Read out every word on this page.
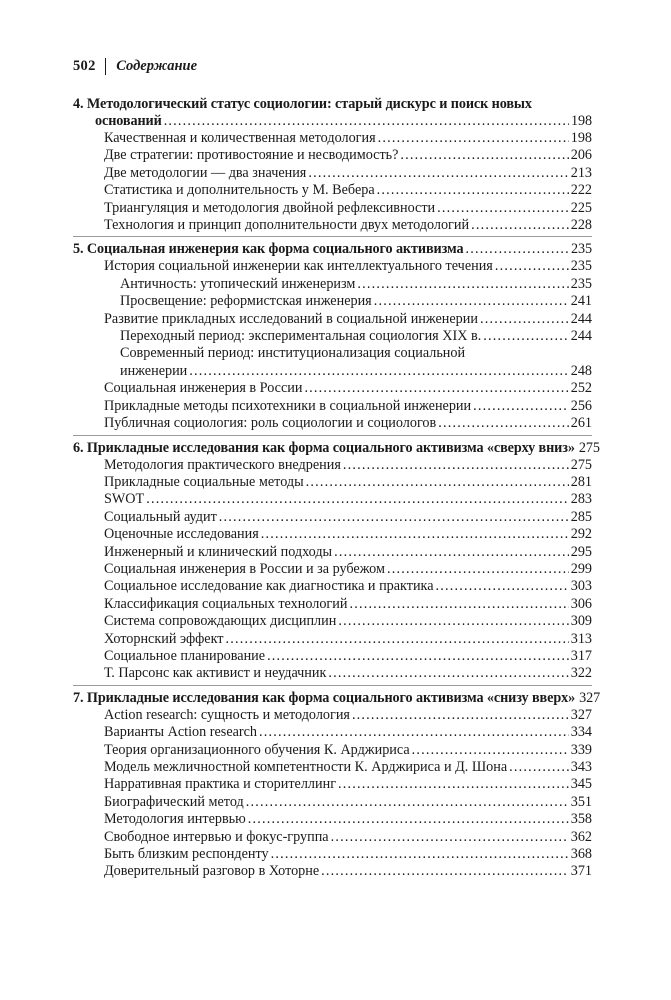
502 Содержание
4. Методологический статус социологии: старый дискурс и поиск новых
оснований .....	198
Качественная и количественная методология .....	198
Две стратегии: противостояние и несводимость? .....	206
Две методологии — два значения .....	213
Статистика и дополнительность у М. Вебера .....	222
Триангуляция и методология двойной рефлексивности .....	225
Технология и принцип дополнительности двух методологий .....	228
5. Социальная инженерия как форма социального активизма .....	235
История социальной инженерии как интеллектуального течения .....	235
Античность: утопический инженеризм .....	235
Просвещение: реформистская инженерия .....	241
Развитие прикладных исследований в социальной инженерии .....	244
Переходный период: экспериментальная социология XIX в. .....	244
Современный период: институционализация социальной
инженерии .....	248
Социальная инженерия в России .....	252
Прикладные методы психотехники в социальной инженерии .....	256
Публичная социология: роль социологии и социологов .....	261
6. Прикладные исследования как форма социального активизма «сверху вниз» 275
Методология практического внедрения .....	275
Прикладные социальные методы .....	281
SWOT .....	283
Социальный аудит .....	285
Оценочные исследования .....	292
Инженерный и клинический подходы .....	295
Социальная инженерия в России и за рубежом .....	299
Социальное исследование как диагностика и практика .....	303
Классификация социальных технологий .....	306
Система сопровождающих дисциплин .....	309
Хоторнский эффект .....	313
Социальное планирование .....	317
Т. Парсонс как активист и неудачник .....	322
7. Прикладные исследования как форма социального активизма «снизу вверх» 327
Action research: сущность и методология .....	327
Варианты Action research .....	334
Теория организационного обучения К. Арджириса .....	339
Модель межличностной компетентности К. Арджириса и Д. Шона .....	343
Нарративная практика и сторителлинг .....	345
Биографический метод .....	351
Методология интервью .....	358
Свободное интервью и фокус-группа .....	362
Быть близким респонденту .....	368
Доверительный разговор в Хоторне .....	371
